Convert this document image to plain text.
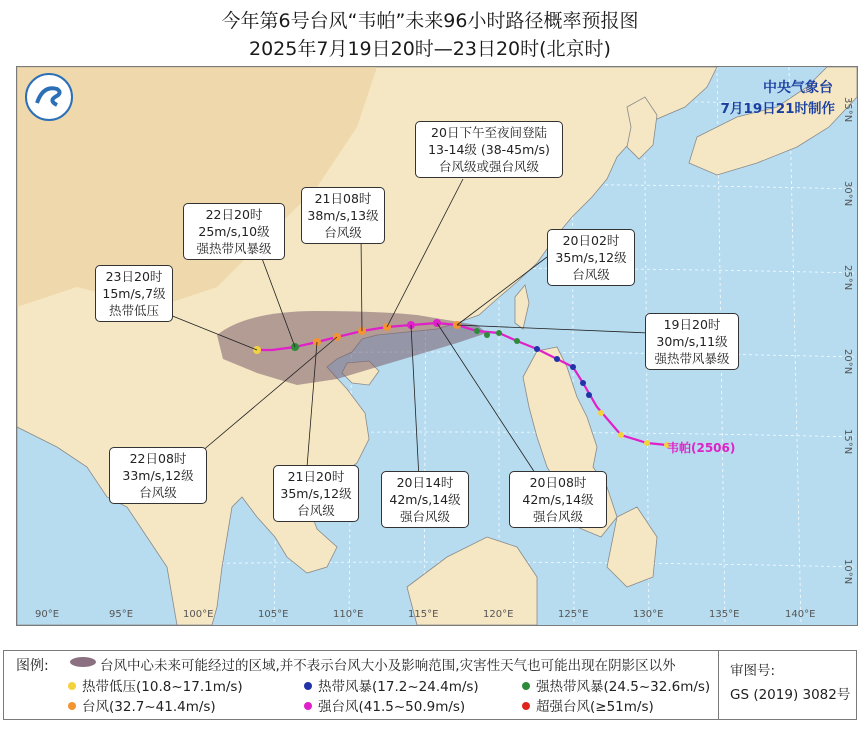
今年第6号台风“韦帕”未来96小时路径概率预报图
2025年7月19日20时—23日20时(北京时)
中央气象台
7月19日21时制作
韦帕(2506)
19日20时
30m/s,11级
强热带风暴级
20日02时
35m/s,12级
台风级
20日08时
42m/s,14级
强台风级
20日14时
42m/s,14级
强台风级
20日下午至夜间登陆
13-14级 (38-45m/s)
台风级或强台风级
21日20时
35m/s,12级
台风级
21日08时
38m/s,13级
台风级
22日08时
33m/s,12级
台风级
22日20时
25m/s,10级
强热带风暴级
23日20时
15m/s,7级
热带低压
10°N
15°N
20°N
25°N
30°N
35°N
90°E	95°E	100°E	105°E	110°E	115°E	120°E	125°E	130°E	135°E	140°E
图例:	台风中心未来可能经过的区域,并不表示台风大小及影响范围,灾害性天气也可能出现在阴影区以外
热带低压(10.8~17.1m/s)	热带风暴(17.2~24.4m/s)	强热带风暴(24.5~32.6m/s)
台风(32.7~41.4m/s)	强台风(41.5~50.9m/s)	超强台风(≥51m/s)
审图号:
GS (2019) 3082号
